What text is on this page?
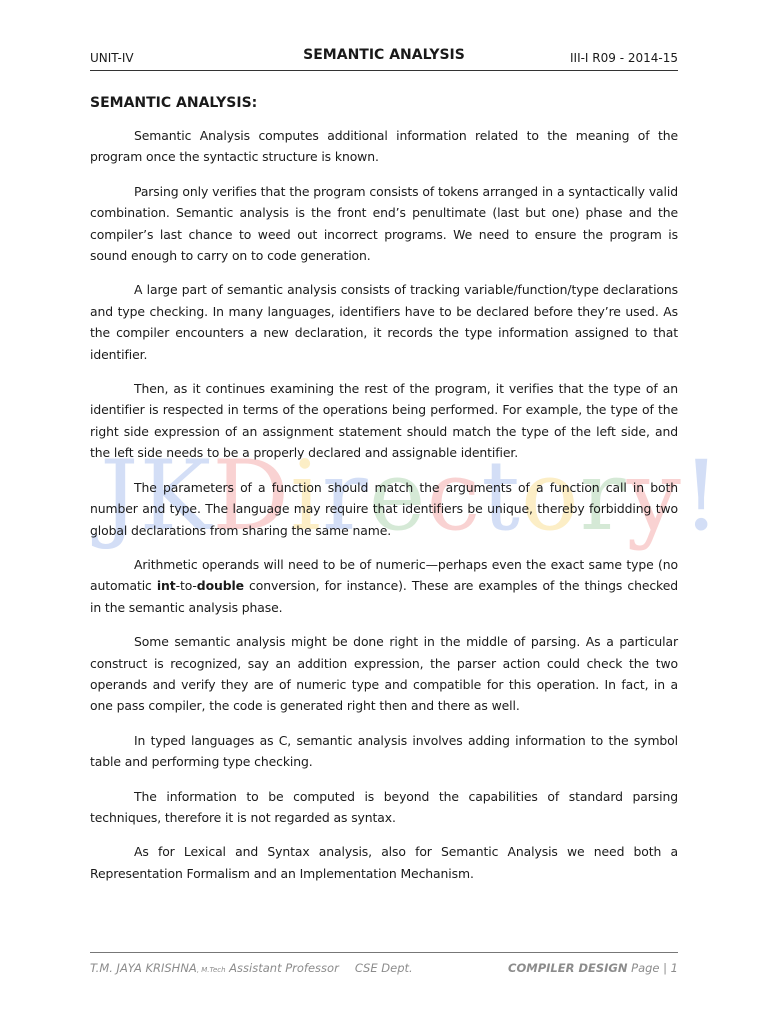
UNIT-IV	SEMANTIC ANALYSIS	III-I R09 - 2014-15
JKDirectory!
SEMANTIC ANALYSIS:

Semantic Analysis computes additional information related to the meaning of the program once the syntactic structure is known.

Parsing only verifies that the program consists of tokens arranged in a syntactically valid combination. Semantic analysis is the front end’s penultimate (last but one) phase and the compiler’s last chance to weed out incorrect programs. We need to ensure the program is sound enough to carry on to code generation.

A large part of semantic analysis consists of tracking variable/function/type declarations and type checking. In many languages, identifiers have to be declared before they’re used. As the compiler encounters a new declaration, it records the type information assigned to that identifier.

Then, as it continues examining the rest of the program, it verifies that the type of an identifier is respected in terms of the operations being performed. For example, the type of the right side expression of an assignment statement should match the type of the left side, and the left side needs to be a properly declared and assignable identifier.

The parameters of a function should match the arguments of a function call in both number and type. The language may require that identifiers be unique, thereby forbidding two global declarations from sharing the same name.

Arithmetic operands will need to be of numeric—perhaps even the exact same type (no automatic int-to-double conversion, for instance). These are examples of the things checked in the semantic analysis phase.

Some semantic analysis might be done right in the middle of parsing. As a particular construct is recognized, say an addition expression, the parser action could check the two operands and verify they are of numeric type and compatible for this operation. In fact, in a one pass compiler, the code is generated right then and there as well.

In typed languages as C, semantic analysis involves adding information to the symbol table and performing type checking.

The information to be computed is beyond the capabilities of standard parsing techniques, therefore it is not regarded as syntax.

As for Lexical and Syntax analysis, also for Semantic Analysis we need both a Representation Formalism and an Implementation Mechanism.

T.M. JAYA KRISHNA, M.Tech Assistant Professor CSE Dept.	COMPILER DESIGN Page | 1
